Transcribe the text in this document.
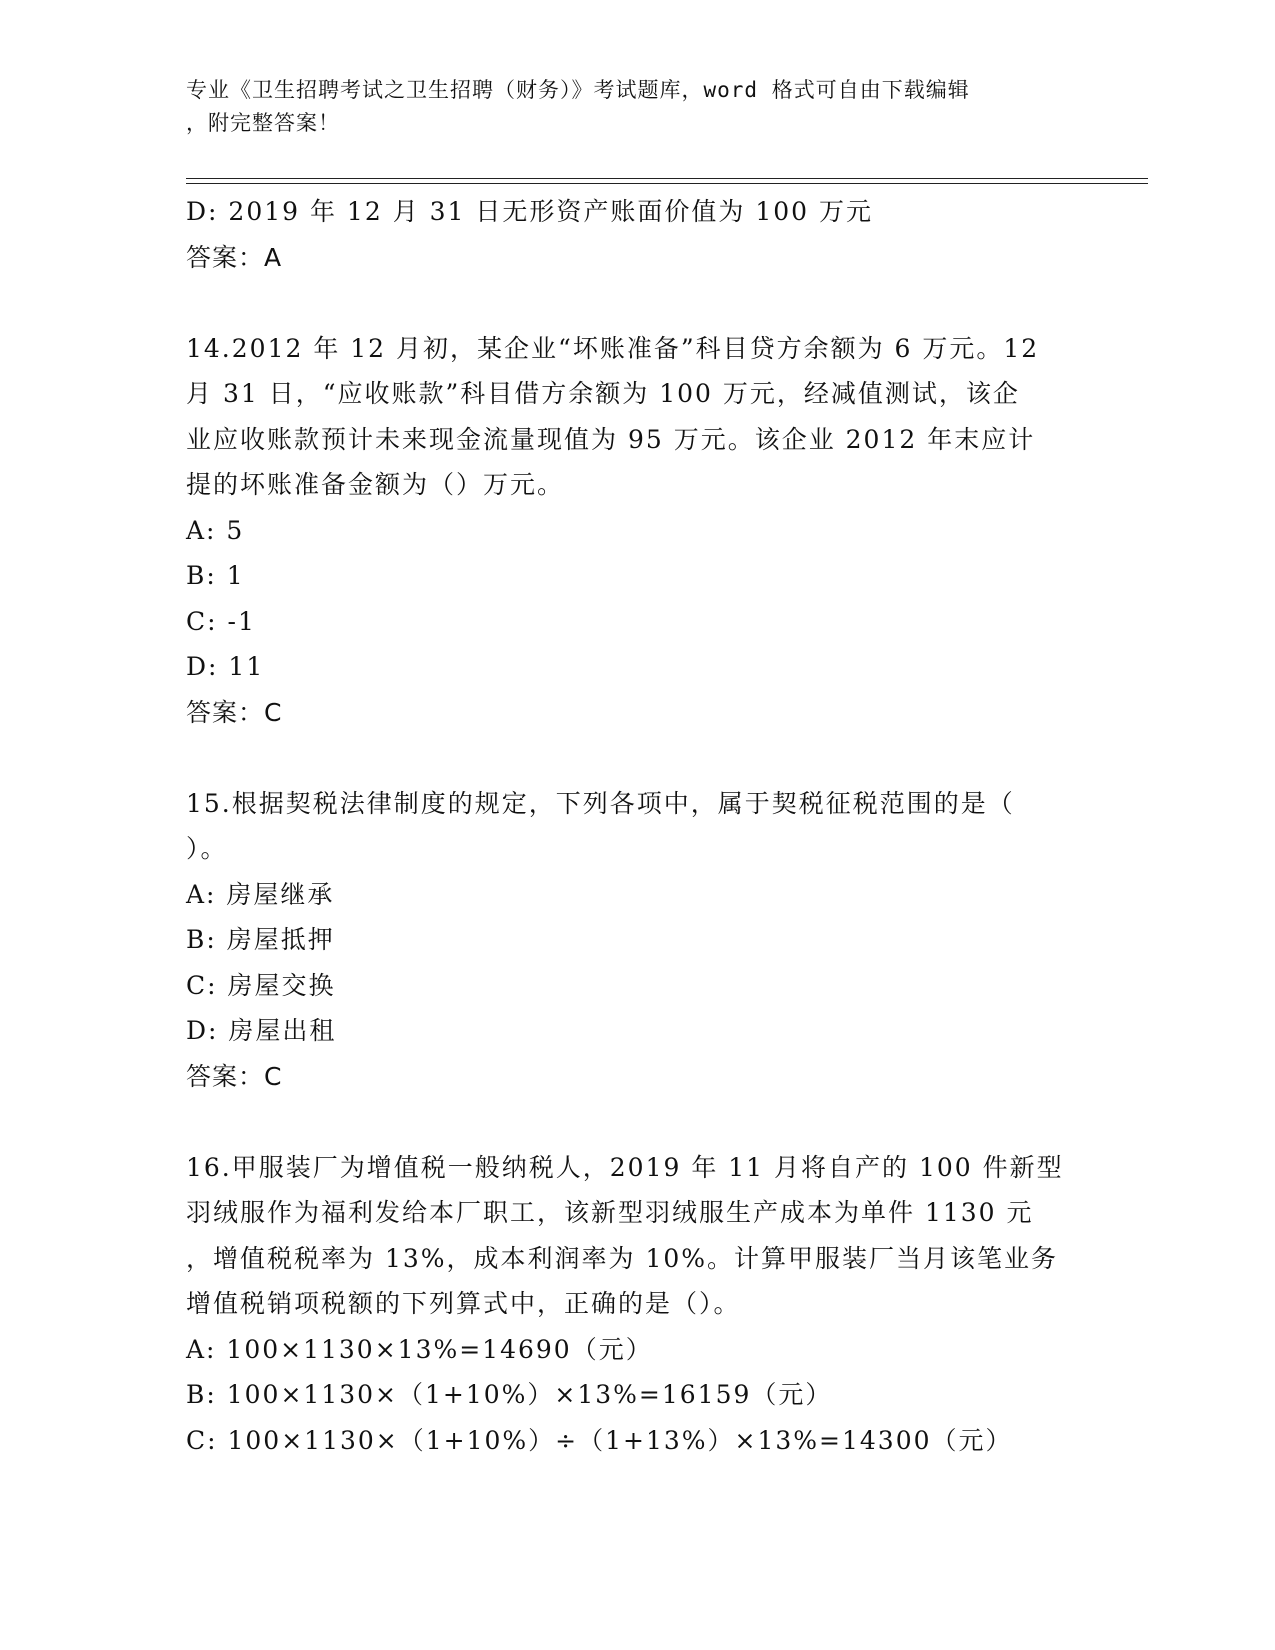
专业《卫生招聘考试之卫生招聘（财务）》考试题库，word 格式可自由下载编辑
，附完整答案！
D: 2019 年 12 月 31 日无形资产账面价值为 100 万元
答案：A
14.2012 年 12 月初，某企业“坏账准备”科目贷方余额为 6 万元。12
月 31 日，“应收账款”科目借方余额为 100 万元，经减值测试，该企
业应收账款预计未来现金流量现值为 95 万元。该企业 2012 年末应计
提的坏账准备金额为（）万元。
A: 5
B: 1
C: -1
D: 11
答案：C
15.根据契税法律制度的规定，下列各项中，属于契税征税范围的是（
）。
A: 房屋继承
B: 房屋抵押
C: 房屋交换
D: 房屋出租
答案：C
16.甲服装厂为增值税一般纳税人，2019 年 11 月将自产的 100 件新型
羽绒服作为福利发给本厂职工，该新型羽绒服生产成本为单件 1130 元
，增值税税率为 13%，成本利润率为 10%。计算甲服装厂当月该笔业务
增值税销项税额的下列算式中，正确的是（）。
A: 100×1130×13%=14690（元）
B: 100×1130×（1+10%）×13%=16159（元）
C: 100×1130×（1+10%）÷（1+13%）×13%=14300（元）
